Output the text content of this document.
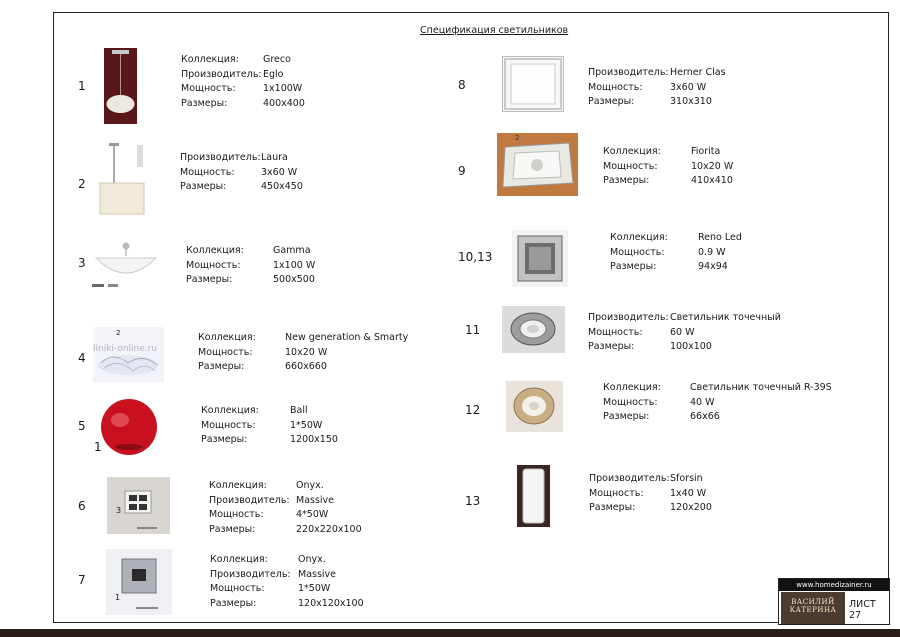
Спецификация светильников
1
Коллекция:	Greco
Производитель:Eglo
Мощность:	1x100W
Размеры:	400x400
2
Производитель:Laura
Мощность:	3x60 W
Размеры:	450x450
3
Коллекция:	Gamma
Мощность:	1x100 W
Размеры:	500x500
4
2
liniki-online.ru
Коллекция:	New generation & Smarty
Мощность:	10x20 W
Размеры:	660x660
5
1
Коллекция:	Ball
Мощность:	1*50W
Размеры:	1200x150
6	3
Коллекция:	Onyx.
Производитель: Massive
Мощность:	4*50W
Размеры:	220x220x100
7
1
Коллекция:	Onyx.
Производитель: Massive
Мощность:	1*50W
Размеры:	120x120x100
8
Производитель:Herner Clas
Мощность:	3x60 W
Размеры:	310x310
9
2
Коллекция:	Fiorita
Мощность:	10x20 W
Размеры:	410x410
10,13
Коллекция:	Reno Led
Мощность:	0.9 W
Размеры:	94x94
11
Производитель:Светильник точечный
Мощность:	60 W
Размеры:	100x100
12
Коллекция:	Светильник точечный R-39S
Мощность:	40 W
Размеры:	66x66
13
Производитель:Sforsin
Мощность:	1x40 W
Размеры:	120x200
www.homedizainer.ru
ВАСИЛИЙ
КАТЕРИНА	ЛИСТ 27
